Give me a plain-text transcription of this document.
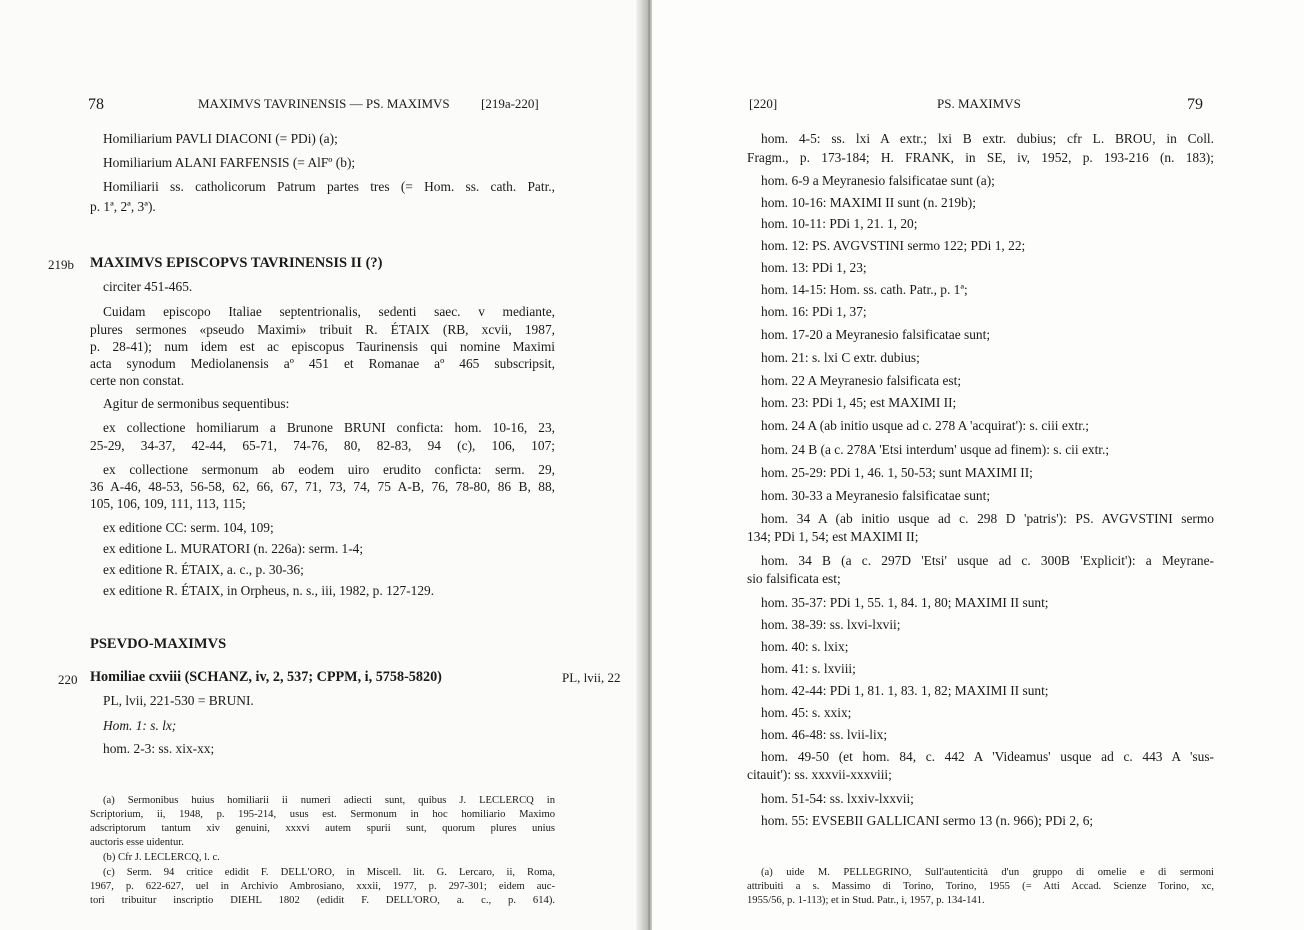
78	MAXIMVS TAVRINENSIS — PS. MAXIMVS [219a-220]
Homiliarium PAVLI DIACONI (= PDi) (a);
Homiliarium ALANI FARFENSIS (= AlFº (b);
Homiliarii ss. catholicorum Patrum partes tres (= Hom. ss. cath. Patr.,
p. 1ª, 2ª, 3ª).
219b MAXIMVS EPISCOPVS TAVRINENSIS II (?)
circiter 451-465.
Cuidam episcopo Italiae septentrionalis, sedenti saec. v mediante,
plures sermones «pseudo Maximi» tribuit R. ÉTAIX (RB, xcvii, 1987,
p. 28-41); num idem est ac episcopus Taurinensis qui nomine Maximi
acta synodum Mediolanensis aº 451 et Romanae aº 465 subscripsit,
certe non constat.
Agitur de sermonibus sequentibus:
ex collectione homiliarum a Brunone BRUNI conficta: hom. 10-16, 23,
25-29, 34-37, 42-44, 65-71, 74-76, 80, 82-83, 94 (c), 106, 107;
ex collectione sermonum ab eodem uiro erudito conficta: serm. 29,
36 A-46, 48-53, 56-58, 62, 66, 67, 71, 73, 74, 75 A-B, 76, 78-80, 86 B, 88,
105, 106, 109, 111, 113, 115;
ex editione CC: serm. 104, 109;
ex editione L. MURATORI (n. 226a): serm. 1-4;
ex editione R. ÉTAIX, a. c., p. 30-36;
ex editione R. ÉTAIX, in Orpheus, n. s., iii, 1982, p. 127-129.
PSEVDO-MAXIMVS
220 Homiliae cxviii (SCHANZ, iv, 2, 537; CPPM, i, 5758-5820)	PL, lvii, 22
PL, lvii, 221-530 = BRUNI.
Hom. 1: s. lx;
hom. 2-3: ss. xix-xx;
(a) Sermonibus huius homiliarii ii numeri adiecti sunt, quibus J. LECLERCQ in
Scriptorium, ii, 1948, p. 195-214, usus est. Sermonum in hoc homiliario Maximo
adscriptorum tantum xiv genuini, xxxvi autem spurii sunt, quorum plures unius
auctoris esse uidentur.
(b) Cfr J. LECLERCQ, l. c.
(c) Serm. 94 critice edidit F. DELL'ORO, in Miscell. lit. G. Lercaro, ii, Roma,
1967, p. 622-627, uel in Archivio Ambrosiano, xxxii, 1977, p. 297-301; eidem auc-
tori tribuitur inscriptio DIEHL 1802 (edidit F. DELL'ORO, a. c., p. 614).
[220]	PS. MAXIMVS	79
hom. 4-5: ss. lxi A extr.; lxi B extr. dubius; cfr L. BROU, in Coll.
Fragm., p. 173-184; H. FRANK, in SE, iv, 1952, p. 193-216 (n. 183);
hom. 6-9 a Meyranesio falsificatae sunt (a);
hom. 10-16: MAXIMI II sunt (n. 219b);
hom. 10-11: PDi 1, 21. 1, 20;
hom. 12: PS. AVGVSTINI sermo 122; PDi 1, 22;
hom. 13: PDi 1, 23;
hom. 14-15: Hom. ss. cath. Patr., p. 1ª;
hom. 16: PDi 1, 37;
hom. 17-20 a Meyranesio falsificatae sunt;
hom. 21: s. lxi C extr. dubius;
hom. 22 A Meyranesio falsificata est;
hom. 23: PDi 1, 45; est MAXIMI II;
hom. 24 A (ab initio usque ad c. 278 A 'acquirat'): s. ciii extr.;
hom. 24 B (a c. 278A 'Etsi interdum' usque ad finem): s. cii extr.;
hom. 25-29: PDi 1, 46. 1, 50-53; sunt MAXIMI II;
hom. 30-33 a Meyranesio falsificatae sunt;
hom. 34 A (ab initio usque ad c. 298 D 'patris'): PS. AVGVSTINI sermo
134; PDi 1, 54; est MAXIMI II;
hom. 34 B (a c. 297D 'Etsi' usque ad c. 300B 'Explicit'): a Meyrane-
sio falsificata est;
hom. 35-37: PDi 1, 55. 1, 84. 1, 80; MAXIMI II sunt;
hom. 38-39: ss. lxvi-lxvii;
hom. 40: s. lxix;
hom. 41: s. lxviii;
hom. 42-44: PDi 1, 81. 1, 83. 1, 82; MAXIMI II sunt;
hom. 45: s. xxix;
hom. 46-48: ss. lvii-lix;
hom. 49-50 (et hom. 84, c. 442 A 'Videamus' usque ad c. 443 A 'sus-
citauit'): ss. xxxvii-xxxviii;
hom. 51-54: ss. lxxiv-lxxvii;
hom. 55: EVSEBII GALLICANI sermo 13 (n. 966); PDi 2, 6;
(a) uide M. PELLEGRINO, Sull'autenticità d'un gruppo di omelie e di sermoni
attribuiti a s. Massimo di Torino, Torino, 1955 (= Atti Accad. Scienze Torino, xc,
1955/56, p. 1-113); et in Stud. Patr., i, 1957, p. 134-141.
